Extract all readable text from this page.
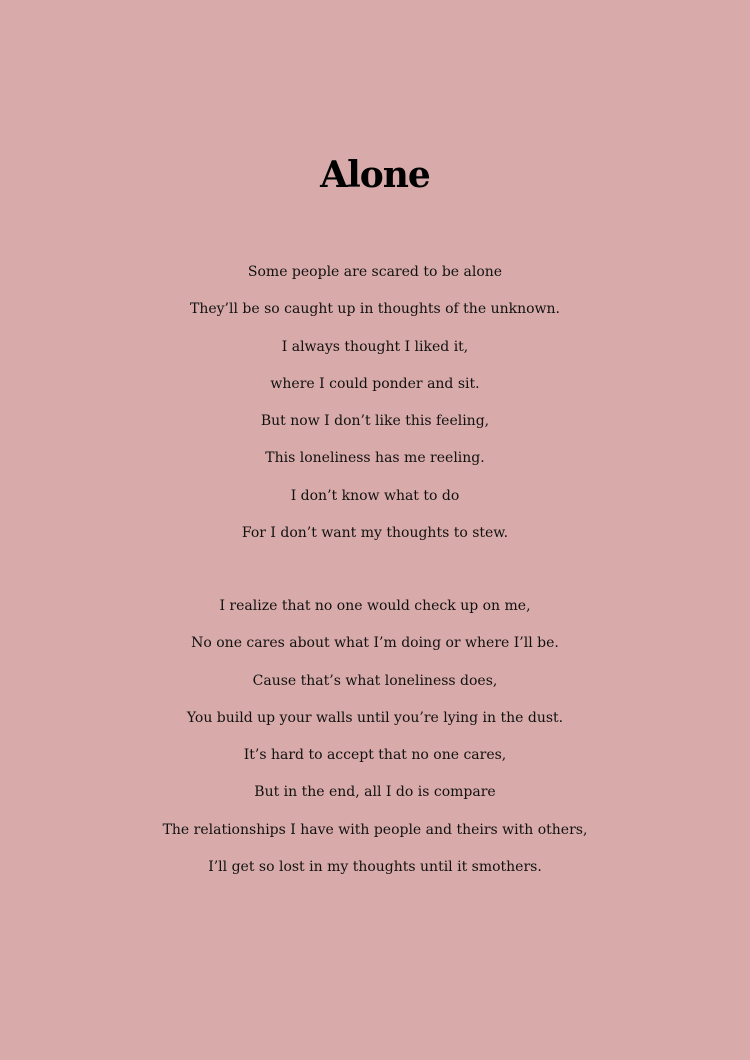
Alone
Some people are scared to be alone
They’ll be so caught up in thoughts of the unknown.
I always thought I liked it,
where I could ponder and sit.
But now I don’t like this feeling,
This loneliness has me reeling.
I don’t know what to do
For I don’t want my thoughts to stew.
I realize that no one would check up on me,
No one cares about what I’m doing or where I’ll be.
Cause that’s what loneliness does,
You build up your walls until you’re lying in the dust.
It’s hard to accept that no one cares,
But in the end, all I do is compare
The relationships I have with people and theirs with others,
I’ll get so lost in my thoughts until it smothers.
